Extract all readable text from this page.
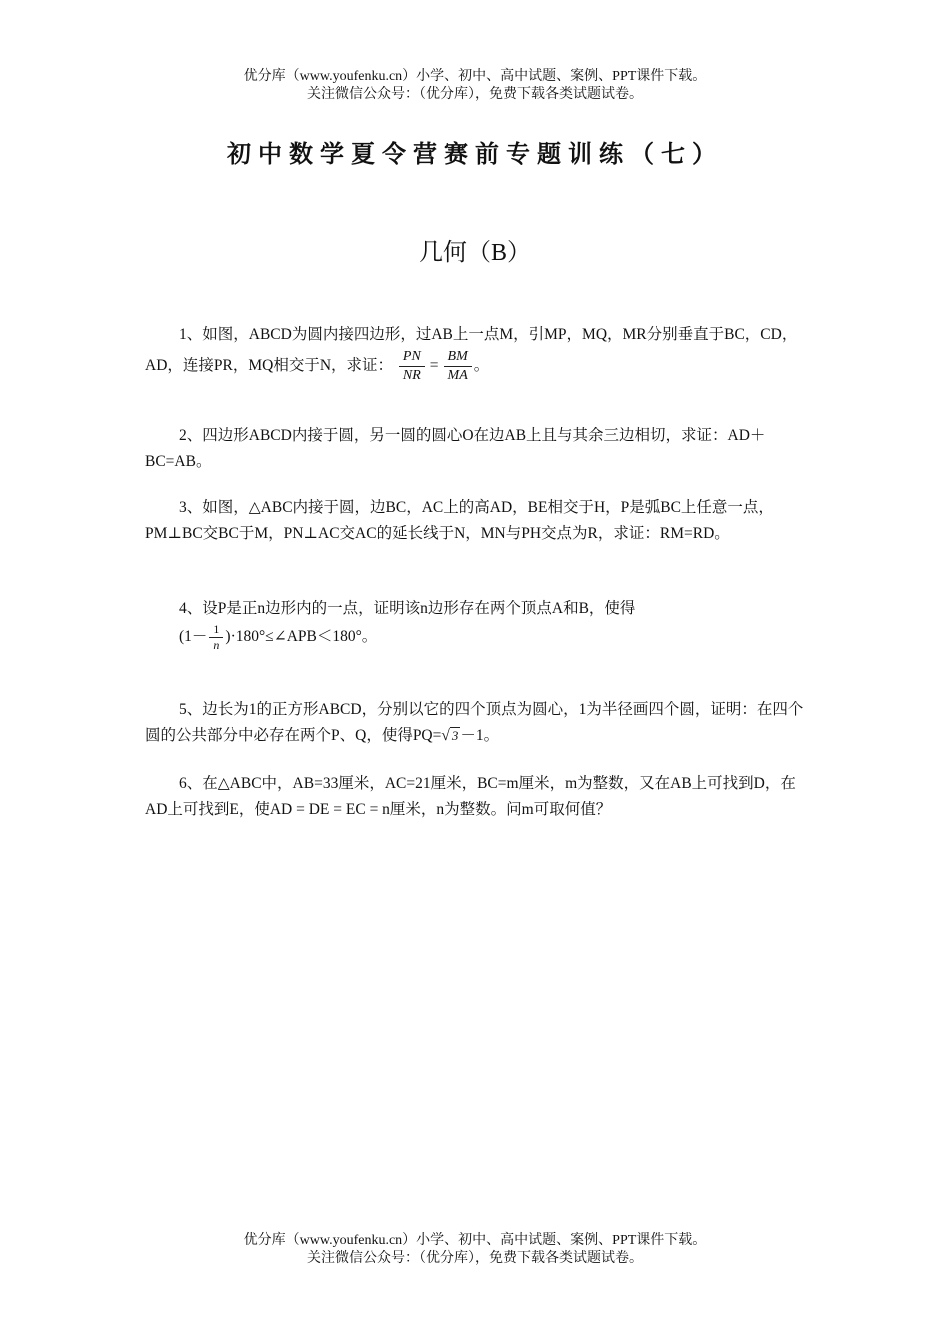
优分库（www.youfenku.cn）小学、初中、高中试题、案例、PPT课件下载。
关注微信公众号：（优分库），免费下载各类试题试卷。
初中数学夏令营赛前专题训练（七）
几何（B）
1、如图，ABCD为圆内接四边形，过AB上一点M，引MP，MQ，MR分别垂直于BC，CD，AD，连接PR，MQ相交于N，求证： $\frac{PN}{NR} = \frac{BM}{MA}$ 。
2、四边形ABCD内接于圆，另一圆的圆心O在边AB上且与其余三边相切，求证：AD＋BC=AB。
3、如图，△ABC内接于圆，边BC，AC上的高AD，BE相交于H，P是弧BC上任意一点，PM⊥BC交BC于M，PN⊥AC交AC的延长线于N，MN与PH交点为R，求证：RM=RD。
4、设P是正n边形内的一点，证明该n边形存在两个顶点A和B，使得
($1- \frac{1}{n}$ )·180°≤∠APB＜180°。
5、边长为1的正方形ABCD，分别以它的四个顶点为圆心，1为半径画四个圆，证明：在四个圆的公共部分中必存在两个P、Q，使得PQ=√ 3 －1。
6、在△ABC中，AB=33厘米，AC=21厘米，BC=m厘米，m为整数，又在AB上可找到D，在AD上可找到E，使AD = DE = EC = n厘米，n为整数。问m可取何值？
优分库（www.youfenku.cn）小学、初中、高中试题、案例、PPT课件下载。
关注微信公众号：（优分库），免费下载各类试题试卷。
